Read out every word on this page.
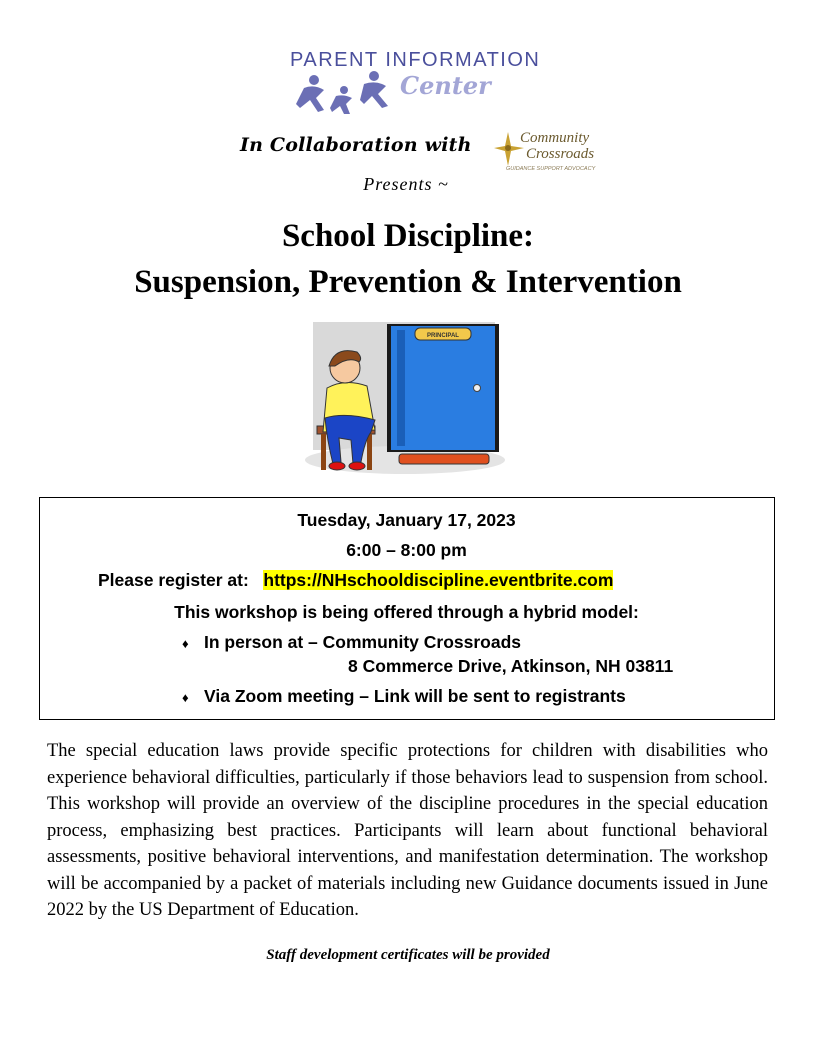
PARENT INFORMATION
Center
In Collaboration with	Community
Crossroads
GUIDANCE SUPPORT ADVOCACY
Presents ~
School Discipline:
Suspension, Prevention & Intervention
PRINCIPAL
Tuesday, January 17, 2023
6:00 – 8:00 pm
Please register at: https://NHschooldiscipline.eventbrite.com
This workshop is being offered through a hybrid model:
♦ In person at – Community Crossroads
8 Commerce Drive, Atkinson, NH 03811
♦ Via Zoom meeting – Link will be sent to registrants
The special education laws provide specific protections for children with disabilities who experience behavioral difficulties, particularly if those behaviors lead to suspension from school. This workshop will provide an overview of the discipline procedures in the special education process, emphasizing best practices. Participants will learn about functional behavioral assessments, positive behavioral interventions, and manifestation determination. The workshop will be accompanied by a packet of materials including new Guidance documents issued in June 2022 by the US Department of Education.
Staff development certificates will be provided
